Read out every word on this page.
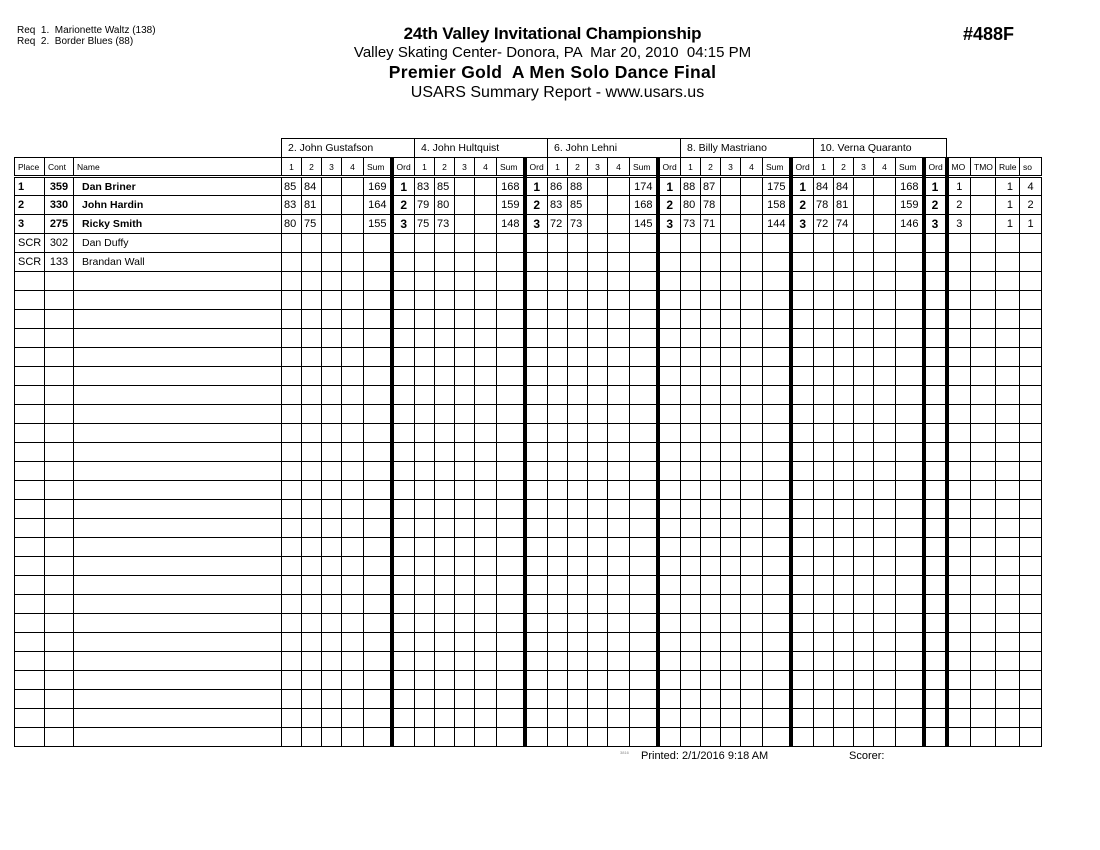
Req  1.  Marionette Waltz (138)
Req  2.  Border Blues (88)	24th Valley Invitational Championship
Valley Skating Center- Donora, PA  Mar 20, 2010  04:15 PM
Premier Gold  A Men Solo Dance Final
USARS Summary Report - www.usars.us
#488F
			2. John Gustafson						4. John Hultquist						6. John Lehni						8. Billy Mastriano						10. Verna Quaranto									
Place	Cont	Name	1	2	3	4	Sum	Ord	1	2	3	4	Sum	Ord	1	2	3	4	Sum	Ord	1	2	3	4	Sum	Ord	1	2	3	4	Sum	Ord	MO	TMO	Rule	so
1	359	Dan Briner	85	84			169	1	83	85			168	1	86	88			174	1	88	87			175	1	84	84			168	1	1		1	4
2	330	John Hardin	83	81			164	2	79	80			159	2	83	85			168	2	80	78			158	2	78	81			159	2	2		1	2
3	275	Ricky Smith	80	75			155	3	75	73			148	3	72	73			145	3	73	71			144	3	72	74			146	3	3		1	1
SCR	302	Dan Duffy																																		
SCR	133	Brandan Wall																																		

3816 Printed: 2/1/2016 9:18 AM	Scorer:
